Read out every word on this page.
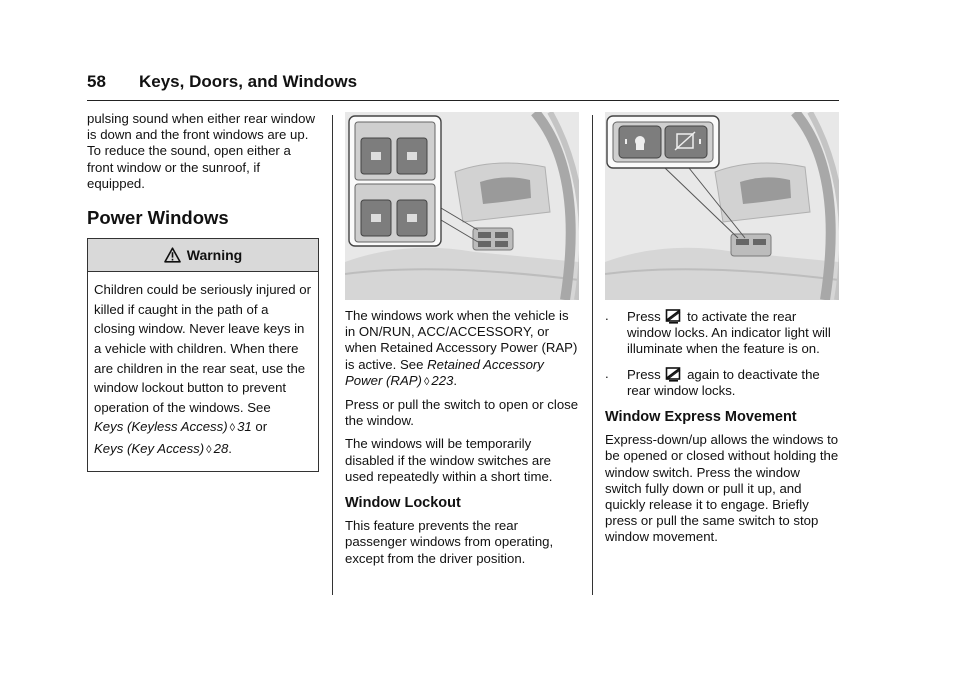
58 Keys, Doors, and Windows

pulsing sound when either rear window is down and the front windows are up. To reduce the sound, open either a front window or the sunroof, if equipped.

Power Windows
Warning
Children could be seriously injured or killed if caught in the path of a closing window. Never leave keys in a vehicle with children. When there are children in the rear seat, use the window lockout button to prevent operation of the windows. See
Keys (Keyless Access) ◊ 31 or
Keys (Key Access) ◊ 28.

The windows work when the vehicle is in ON/RUN, ACC/ACCESSORY, or when Retained Accessory Power (RAP) is active. See Retained Accessory Power (RAP) ◊ 223.

Press or pull the switch to open or close the window.

The windows will be temporarily disabled if the window switches are used repeatedly within a short time.

Window Lockout

This feature prevents the rear passenger windows from operating, except from the driver position.

. Press to activate the rear window locks. An indicator light will illuminate when the feature is on.

. Press again to deactivate the rear window locks.

Window Express Movement

Express-down/up allows the windows to be opened or closed without holding the window switch. Press the window switch fully down or pull it up, and quickly release it to engage. Briefly press or pull the same switch to stop window movement.
